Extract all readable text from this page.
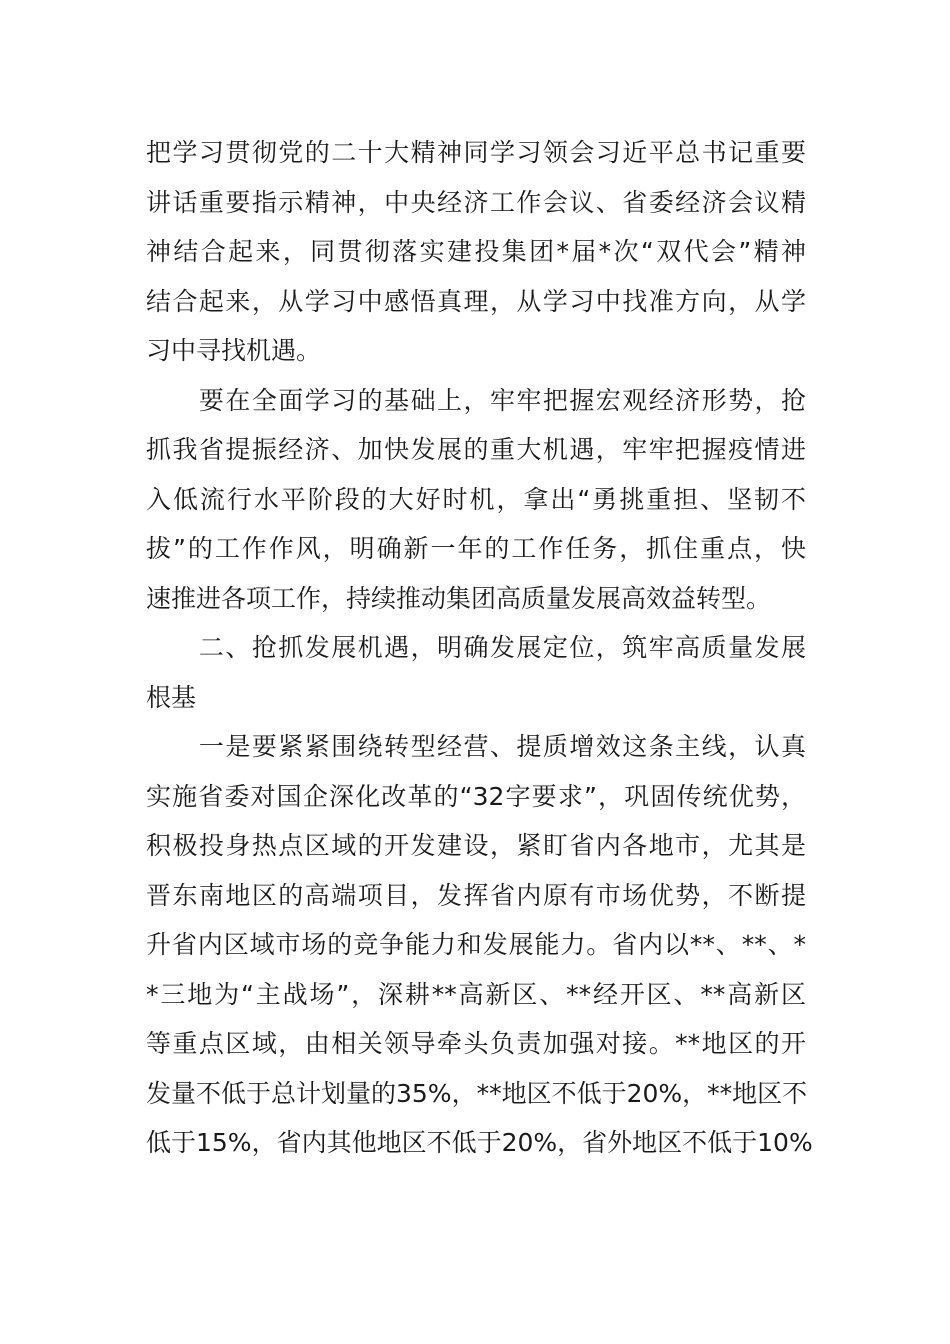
把学习贯彻党的二十大精神同学习领会习近平总书记重要
讲话重要指示精神，中央经济工作会议、省委经济会议精
神结合起来，同贯彻落实建投集团*届*次“双代会”精神
结合起来，从学习中感悟真理，从学习中找准方向，从学
习中寻找机遇。
　　要在全面学习的基础上，牢牢把握宏观经济形势，抢
抓我省提振经济、加快发展的重大机遇，牢牢把握疫情进
入低流行水平阶段的大好时机，拿出“勇挑重担、坚韧不
拔”的工作作风，明确新一年的工作任务，抓住重点，快
速推进各项工作，持续推动集团高质量发展高效益转型。
　　二、抢抓发展机遇，明确发展定位，筑牢高质量发展
根基
　　一是要紧紧围绕转型经营、提质增效这条主线，认真
实施省委对国企深化改革的“32字要求”，巩固传统优势，
积极投身热点区域的开发建设，紧盯省内各地市，尤其是
晋东南地区的高端项目，发挥省内原有市场优势，不断提
升省内区域市场的竞争能力和发展能力。省内以**、**、*
*三地为“主战场”，深耕**高新区、**经开区、**高新区
等重点区域，由相关领导牵头负责加强对接。**地区的开
发量不低于总计划量的35%，**地区不低于20%，**地区不
低于15%，省内其他地区不低于20%，省外地区不低于10%
